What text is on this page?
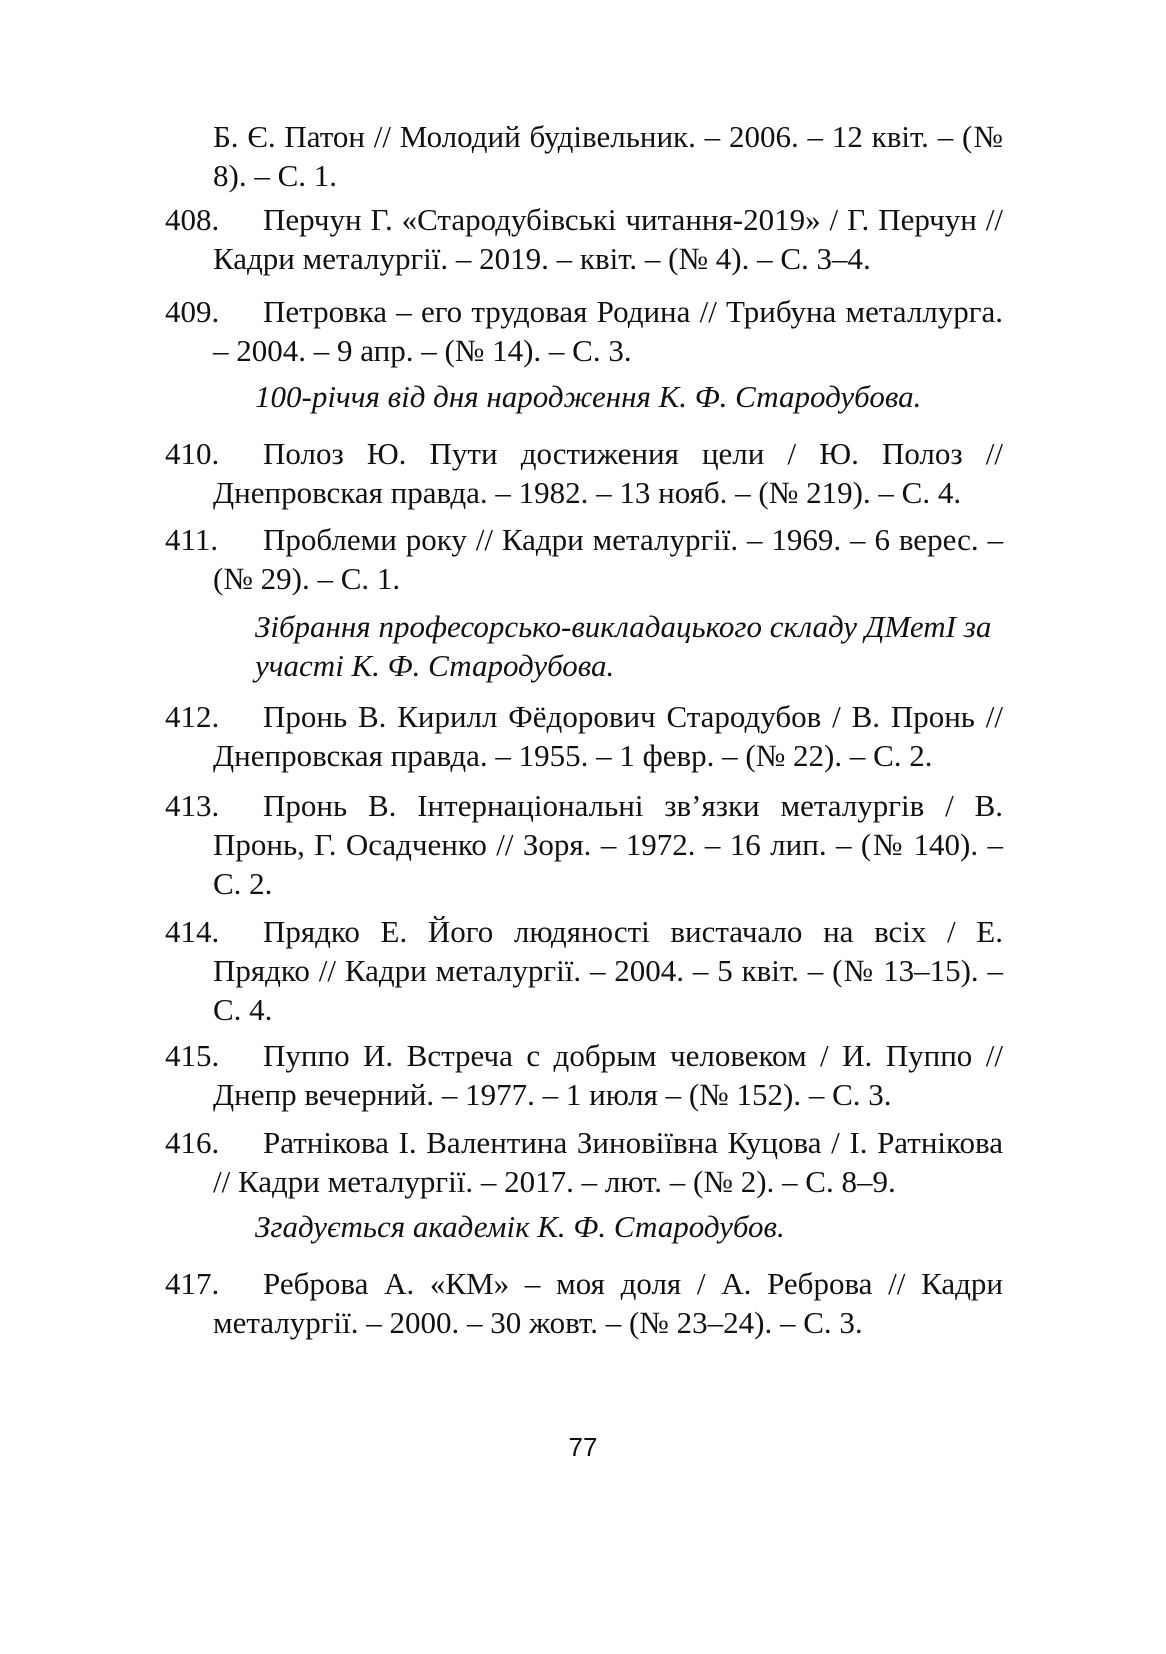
Б. Є. Патон // Молодий будівельник. – 2006. – 12 квіт. – (№ 8). – С. 1.
408.	Перчун Г. «Стародубівські читання-2019» / Г. Перчун // Кадри металургії. – 2019. – квіт. – (№ 4). – С. 3–4.
409.	Петровка – его трудовая Родина // Трибуна металлурга. – 2004. – 9 апр. – (№ 14). – С. 3.
100-річчя від дня народження К. Ф. Стародубова.
410.	Полоз Ю. Пути достижения цели / Ю. Полоз // Днепровская правда. – 1982. – 13 нояб. – (№ 219). – С. 4.
411.	Проблеми року // Кадри металургії. – 1969. – 6 верес. – (№ 29). – С. 1.
Зібрання професорсько-викладацького складу ДМетІ за участі К. Ф. Стародубова.
412.	Пронь В. Кирилл Фёдорович Стародубов / В. Пронь // Днепровская правда. – 1955. – 1 февр. – (№ 22). – С. 2.
413.	Пронь В. Інтернаціональні зв’язки металургів / В. Пронь, Г. Осадченко // Зоря. – 1972. – 16 лип. – (№ 140). – С. 2.
414.	Прядко Е. Його людяності вистачало на всіх / Е. Прядко // Кадри металургії. – 2004. – 5 квіт. – (№ 13–15). – С. 4.
415.	Пуппо И. Встреча с добрым человеком / И. Пуппо // Днепр вечерний. – 1977. – 1 июля – (№ 152). – С. 3.
416.	Ратнікова І. Валентина Зиновіївна Куцова / І. Ратнікова // Кадри металургії. – 2017. – лют. – (№ 2). – С. 8–9.
Згадується академік К. Ф. Стародубов.
417.	Реброва А. «КМ» – моя доля / А. Реброва // Кадри металургії. – 2000. – 30 жовт. – (№ 23–24). – С. 3.
77
